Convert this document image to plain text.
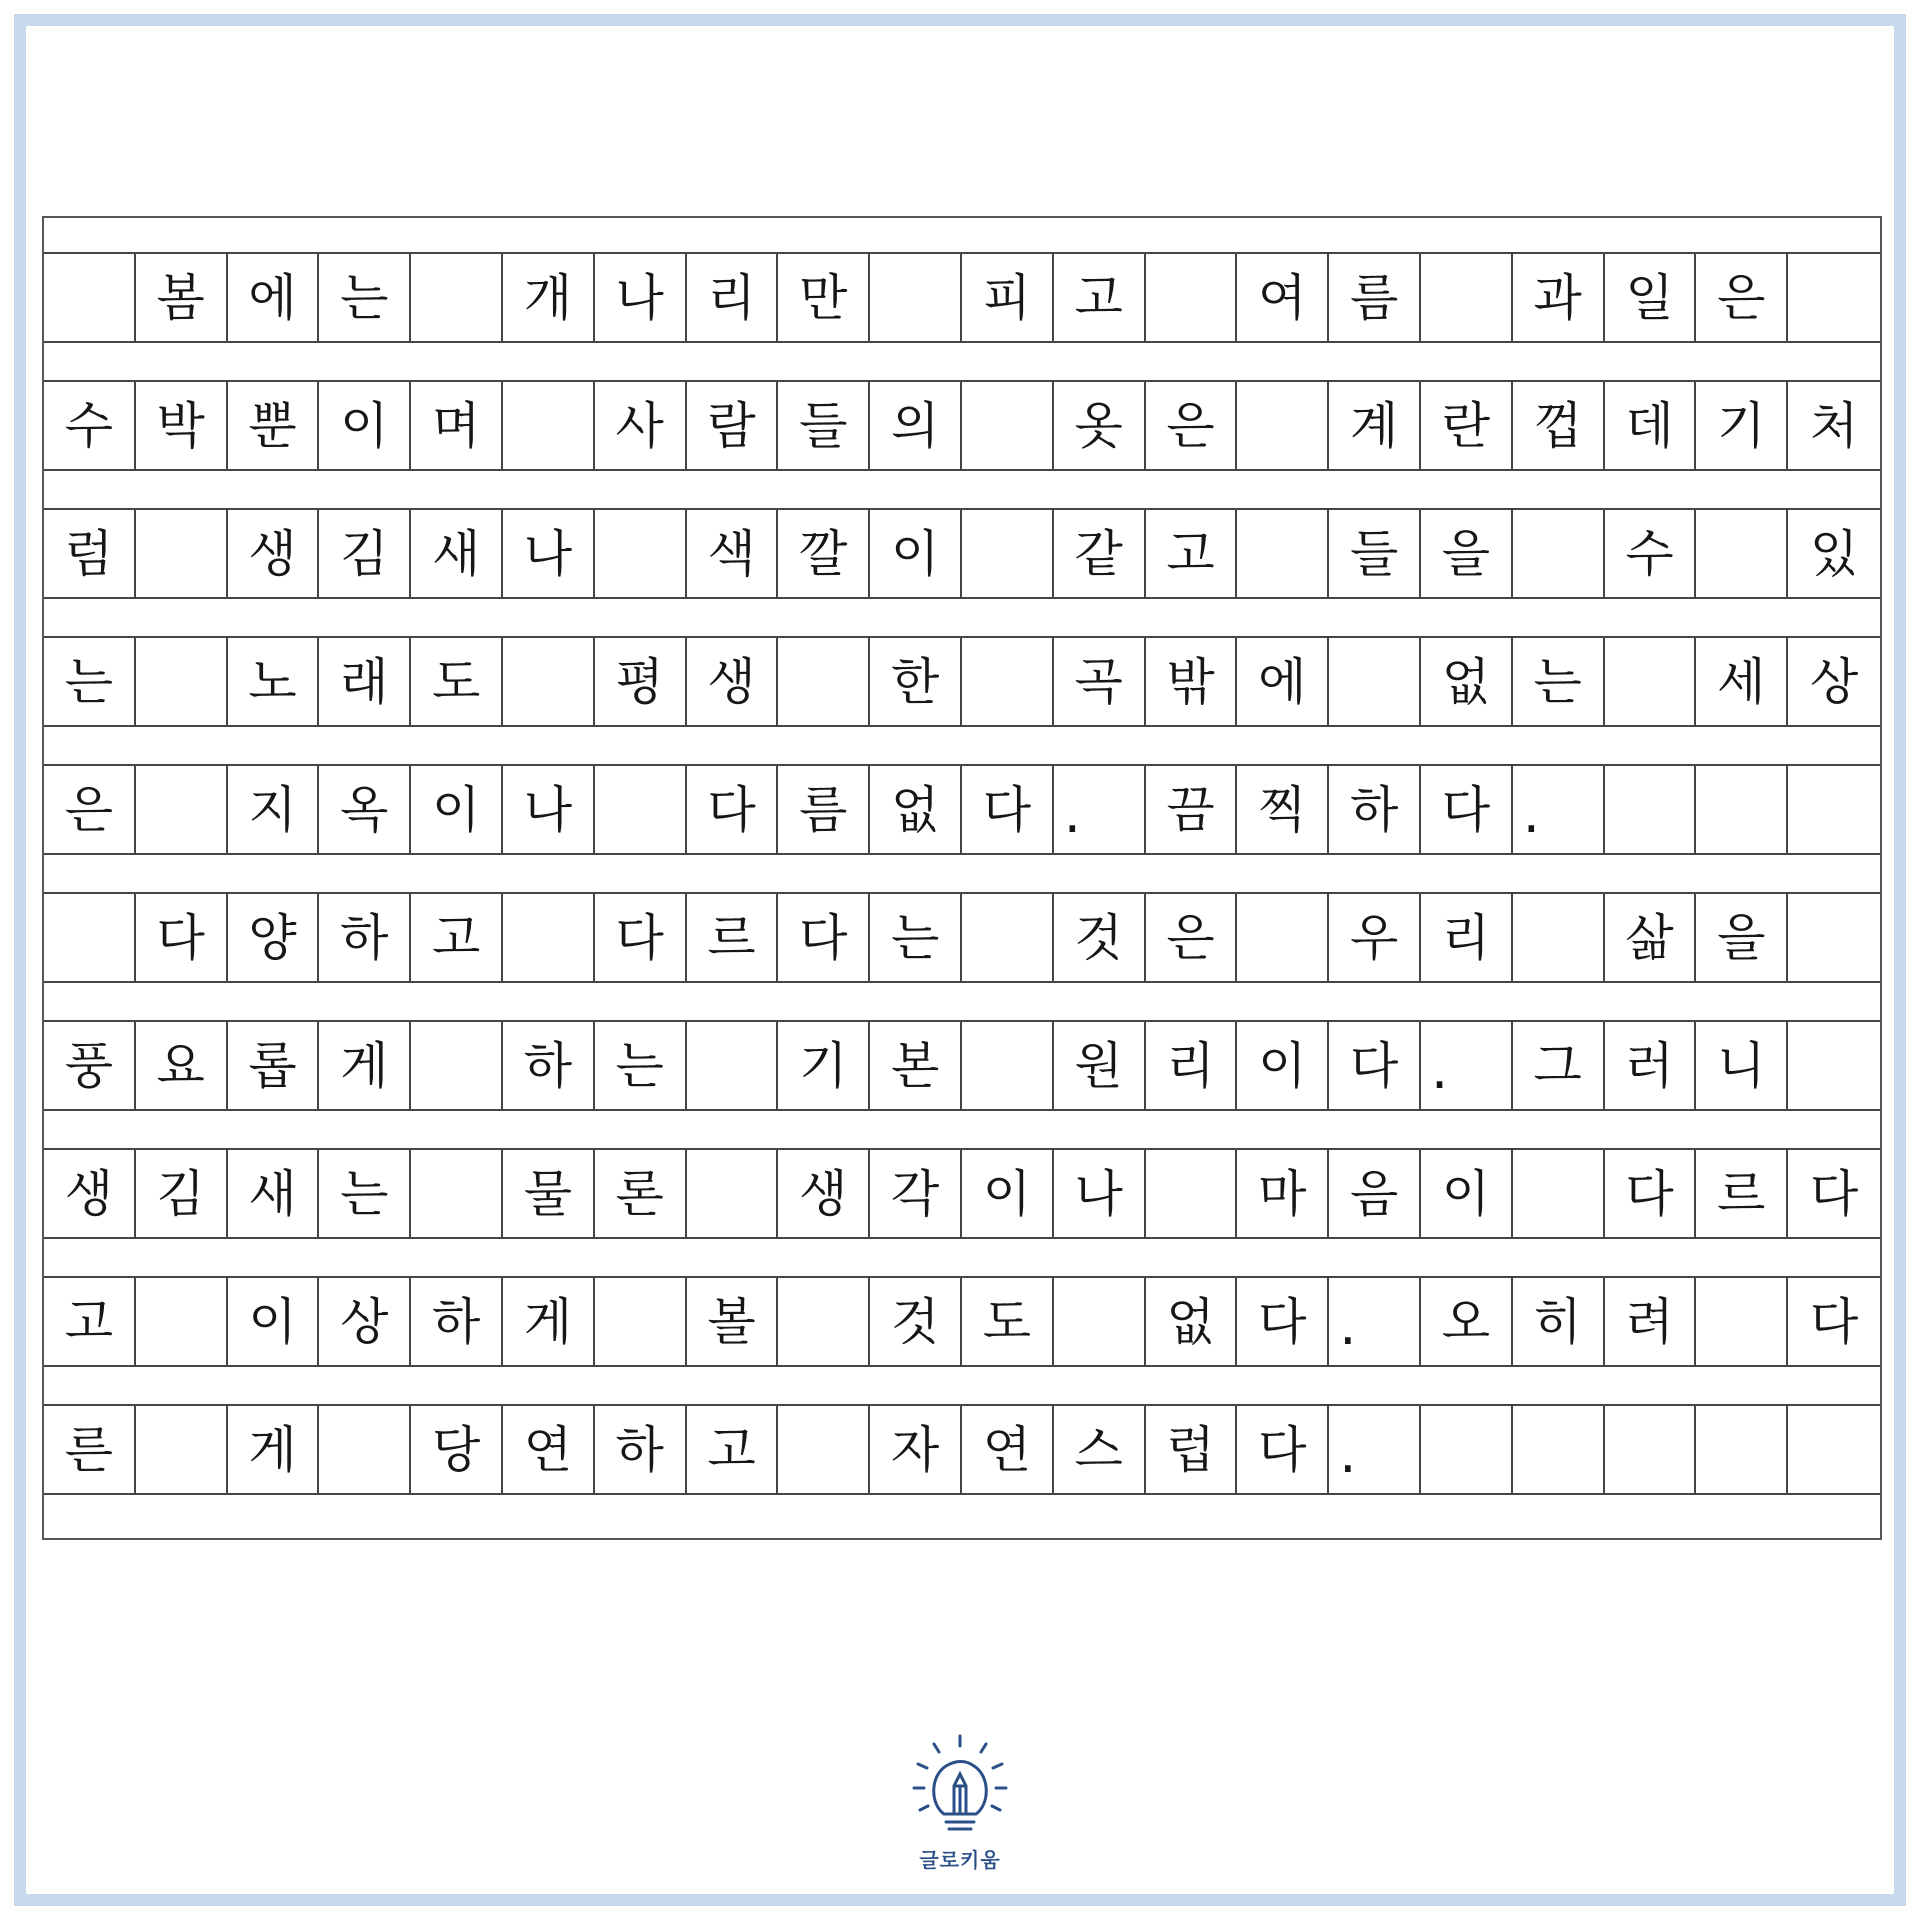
봄 에 는	개 나 리 만	피 고	여 름	과 일 은
수 박 뿐 이 며	사 람 들 의	옷 은	계 란 껍 데 기 처
럼	생 김 새 나	색 깔 이	같 고	들 을	수	있
는	노 래 도	평 생	한	곡 밖 에	없 는	세 상
은	지 옥 이 나	다 름 없 다 .	끔 찍 하 다 .
다 양 하 고	다 르 다 는	것 은	우 리	삶 을
풍 요 롭 게	하 는	기 본	원 리 이 다 .	그 러 니
생 김 새 는	물 론	생 각 이 나	마 음 이	다 르 다
고	이 상 하 게	볼	것 도	없 다 .	오 히 려	다
른	게	당 연 하 고	자 연 스 럽 다 .
글로키움
